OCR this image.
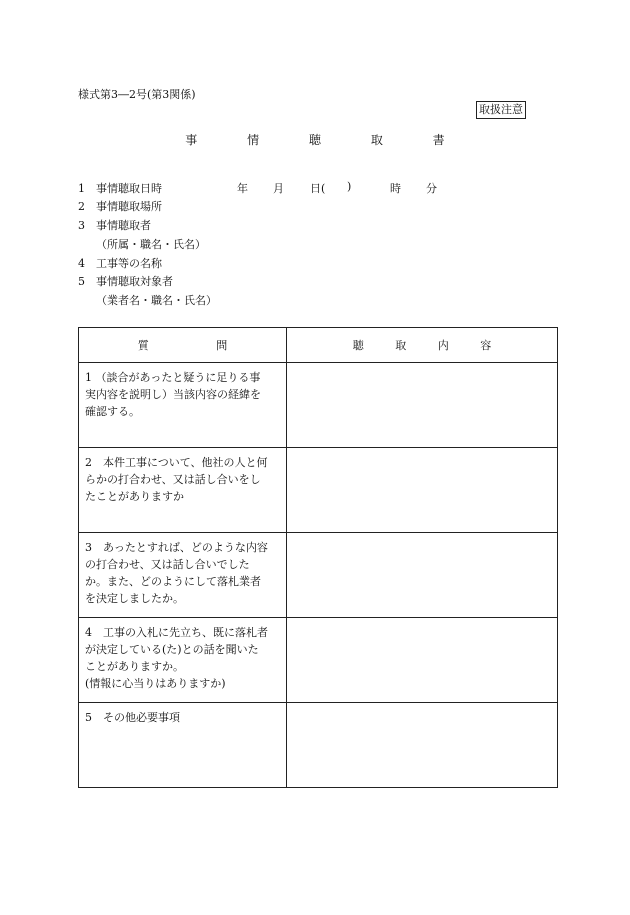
様式第3―2号(第3関係)
取扱注意
事	情	聴	取	書
1 事情聴取日時
2 事情聴取場所
3 事情聴取者
（所属・職名・氏名）
4 工事等の名称
5 事情聴取対象者
（業者名・職名・氏名）
年 月 日( )	時 分
質 問	聴 取 内 容
1 （談合があったと疑うに足りる事
実内容を説明し）当該内容の経緯を
確認する。	
2　本件工事について、他社の人と何
らかの打合わせ、又は話し合いをし
たことがありますか	
3　あったとすれば、どのような内容
の打合わせ、又は話し合いでした
か。また、どのようにして落札業者
を決定しましたか。	
4　工事の入札に先立ち、既に落札者
が決定している(た)との話を聞いた
ことがありますか。
(情報に心当りはありますか)	
5　その他必要事項	
